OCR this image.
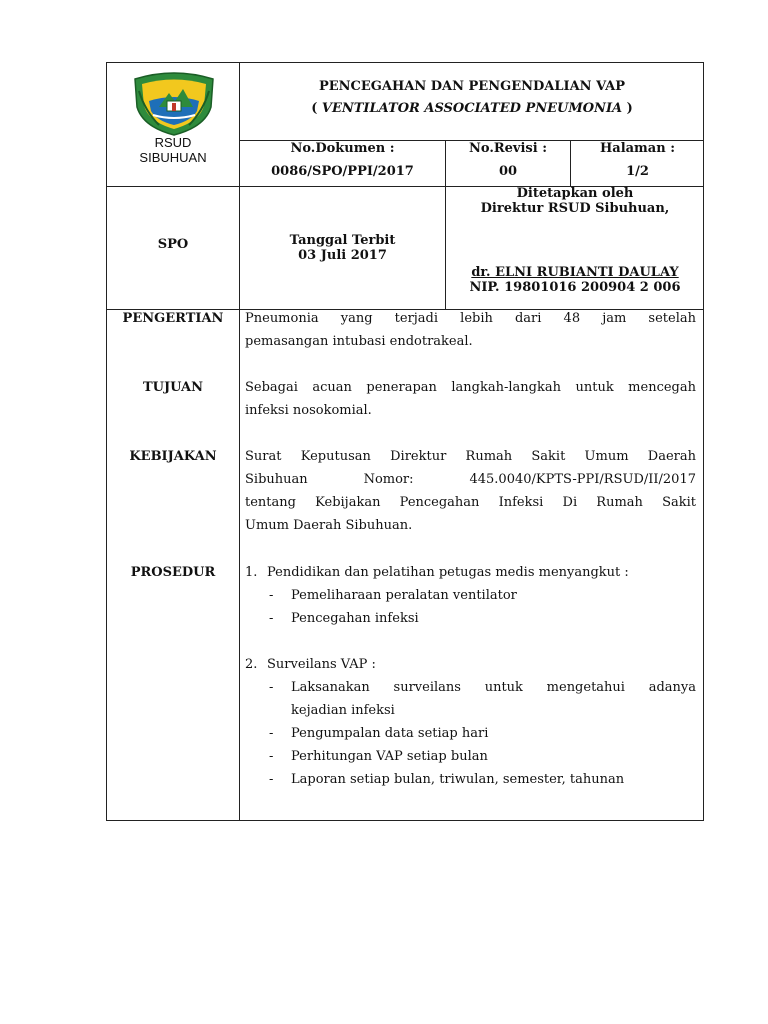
RSUD
SIBUHUAN
PENCEGAHAN DAN PENGENDALIAN VAP
( VENTILATOR ASSOCIATED PNEUMONIA )
No.Dokumen :
0086/SPO/PPI/2017
No.Revisi :
00
Halaman :
1/2
SPO	Tanggal Terbit
03 Juli 2017
Ditetapkan oleh
Direktur RSUD Sibuhuan,
dr. ELNI RUBIANTI DAULAY
NIP. 19801016 200904 2 006
PENGERTIAN	Pneumonia yang terjadi lebih dari 48 jam setelah
pemasangan intubasi endotrakeal.
TUJUAN	Sebagai acuan penerapan langkah-langkah untuk mencegah
infeksi nosokomial.
KEBIJAKAN	Surat Keputusan Direktur Rumah Sakit Umum Daerah
Sibuhuan Nomor: 445.0040/KPTS-PPI/RSUD/II/2017
tentang Kebijakan Pencegahan Infeksi Di Rumah Sakit
Umum Daerah Sibuhuan.
PROSEDUR	1. Pendidikan dan pelatihan petugas medis menyangkut :
- Pemeliharaan peralatan ventilator
- Pencegahan infeksi
2. Surveilans VAP :
- Laksanakan surveilans untuk mengetahui adanya
kejadian infeksi
- Pengumpalan data setiap hari
- Perhitungan VAP setiap bulan
- Laporan setiap bulan, triwulan, semester, tahunan
